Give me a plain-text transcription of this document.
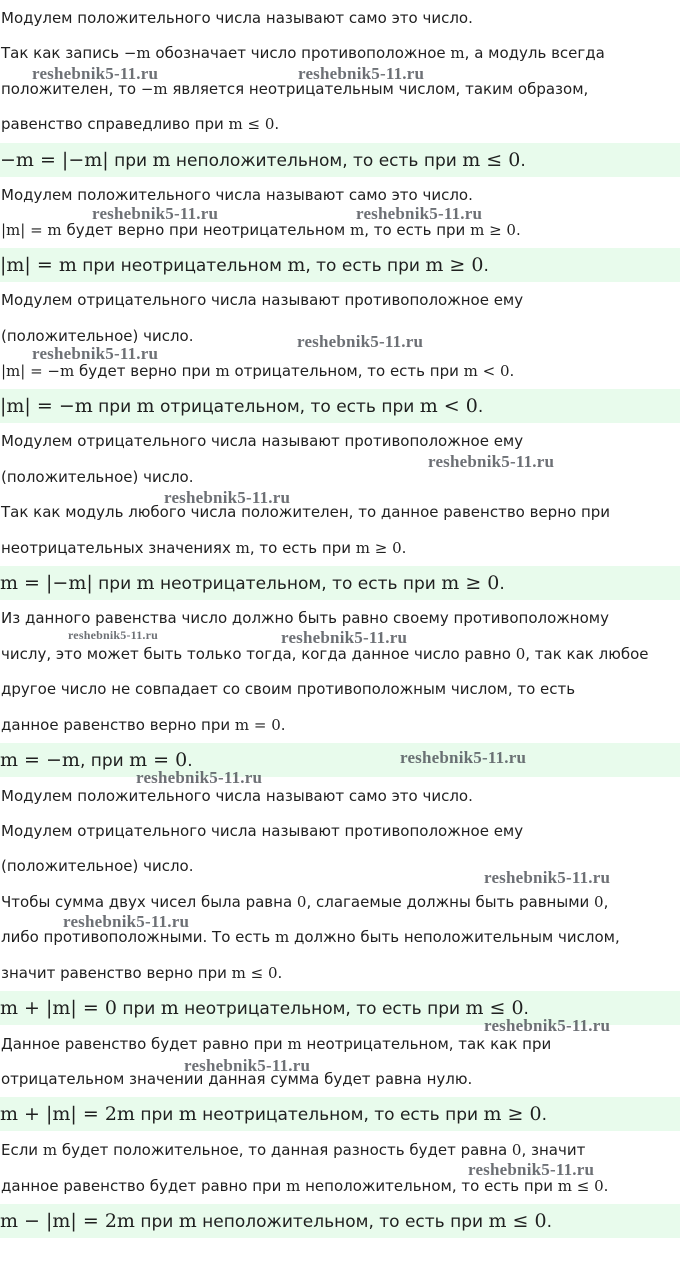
Модулем положительного числа называют само это число.
Так как запись −m обозначает число противоположное m, а модуль всегда
положителен, то −m является неотрицательным числом, таким образом,
равенство справедливо при m ≤ 0.
−m = |−m| при m неположительном, то есть при m ≤ 0.
Модулем положительного числа называют само это число.
|m| = m будет верно при неотрицательном m, то есть при m ≥ 0.
|m| = m при неотрицательном m, то есть при m ≥ 0.
Модулем отрицательного числа называют противоположное ему
(положительное) число.
|m| = −m будет верно при m отрицательном, то есть при m < 0.
|m| = −m при m отрицательном, то есть при m < 0.
Модулем отрицательного числа называют противоположное ему
(положительное) число.
Так как модуль любого числа положителен, то данное равенство верно при
неотрицательных значениях m, то есть при m ≥ 0.
m = |−m| при m неотрицательном, то есть при m ≥ 0.
Из данного равенства число должно быть равно своему противоположному
числу, это может быть только тогда, когда данное число равно 0, так как любое
другое число не совпадает со своим противоположным числом, то есть
данное равенство верно при m = 0.
m = −m, при m = 0.
Модулем положительного числа называют само это число.
Модулем отрицательного числа называют противоположное ему
(положительное) число.
Чтобы сумма двух чисел была равна 0, слагаемые должны быть равными 0,
либо противоположными. То есть m должно быть неположительным числом,
значит равенство верно при m ≤ 0.
m + |m| = 0 при m неотрицательном, то есть при m ≤ 0.
Данное равенство будет равно при m неотрицательном, так как при
отрицательном значении данная сумма будет равна нулю.
m + |m| = 2m при m неотрицательном, то есть при m ≥ 0.
Если m будет положительное, то данная разность будет равна 0, значит
данное равенство будет равно при m неположительном, то есть при m ≤ 0.
m − |m| = 2m при m неположительном, то есть при m ≤ 0.
reshebnik5-11.ru	reshebnik5-11.ru
reshebnik5-11.ru	reshebnik5-11.ru
reshebnik5-11.ru
reshebnik5-11.ru
reshebnik5-11.ru
reshebnik5-11.ru
reshebnik5-11.ru	reshebnik5-11.ru
reshebnik5-11.ru
reshebnik5-11.ru
reshebnik5-11.ru
reshebnik5-11.ru
reshebnik5-11.ru
reshebnik5-11.ru
reshebnik5-11.ru
